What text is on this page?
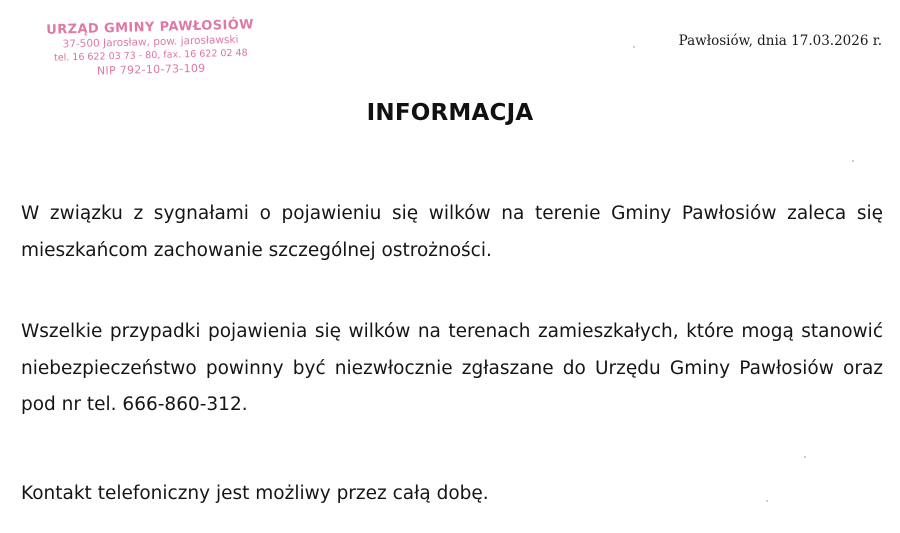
URZĄD GMINY PAWŁOSIÓW
37-500 Jarosław, pow. jarosławski
tel. 16 622 03 73 - 80, fax. 16 622 02 48
NIP 792-10-73-109
Pawłosiów, dnia 17.03.2026 r.
INFORMACJA
W związku z sygnałami o pojawieniu się wilków na terenie Gminy Pawłosiów zaleca się mieszkańcom zachowanie szczególnej ostrożności.
Wszelkie przypadki pojawienia się wilków na terenach zamieszkałych, które mogą stanowić niebezpieczeństwo powinny być niezwłocznie zgłaszane do Urzędu Gminy Pawłosiów oraz pod nr tel. 666-860-312.
Kontakt telefoniczny jest możliwy przez całą dobę.
